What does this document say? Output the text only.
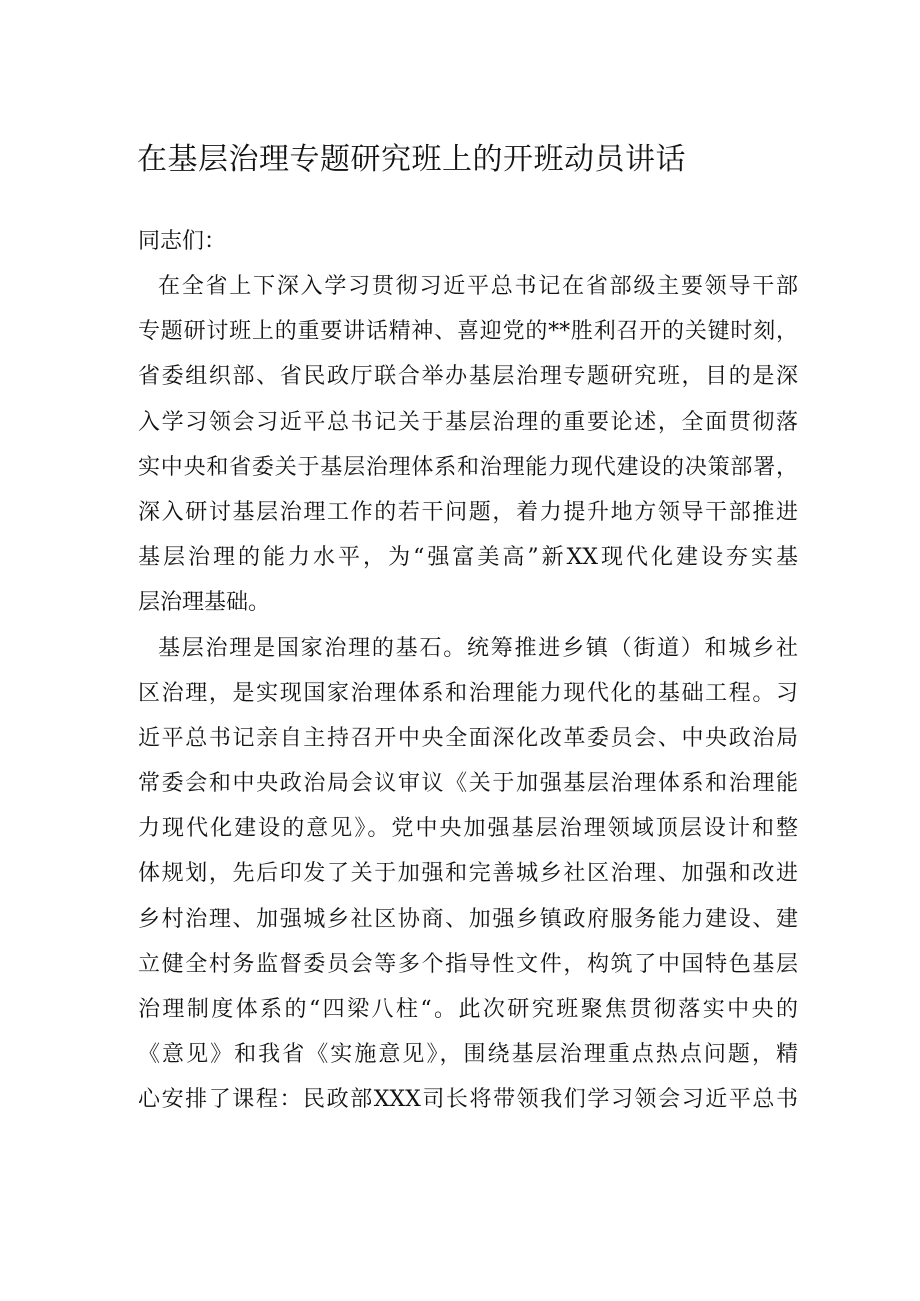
在基层治理专题研究班上的开班动员讲话
同志们：
在全省上下深入学习贯彻习近平总书记在省部级主要领导干部
专题研讨班上的重要讲话精神、喜迎党的**胜利召开的关键时刻，
省委组织部、省民政厅联合举办基层治理专题研究班，目的是深
入学习领会习近平总书记关于基层治理的重要论述，全面贯彻落
实中央和省委关于基层治理体系和治理能力现代建设的决策部署，
深入研讨基层治理工作的若干问题，着力提升地方领导干部推进
基层治理的能力水平，为“强富美高”新XX现代化建设夯实基
层治理基础。
基层治理是国家治理的基石。统筹推进乡镇（街道）和城乡社
区治理，是实现国家治理体系和治理能力现代化的基础工程。习
近平总书记亲自主持召开中央全面深化改革委员会、中央政治局
常委会和中央政治局会议审议《关于加强基层治理体系和治理能
力现代化建设的意见》。党中央加强基层治理领域顶层设计和整
体规划，先后印发了关于加强和完善城乡社区治理、加强和改进
乡村治理、加强城乡社区协商、加强乡镇政府服务能力建设、建
立健全村务监督委员会等多个指导性文件，构筑了中国特色基层
治理制度体系的“四梁八柱“。此次研究班聚焦贯彻落实中央的
《意见》和我省《实施意见》，围绕基层治理重点热点问题，精
心安排了课程：民政部XXX司长将带领我们学习领会习近平总书
